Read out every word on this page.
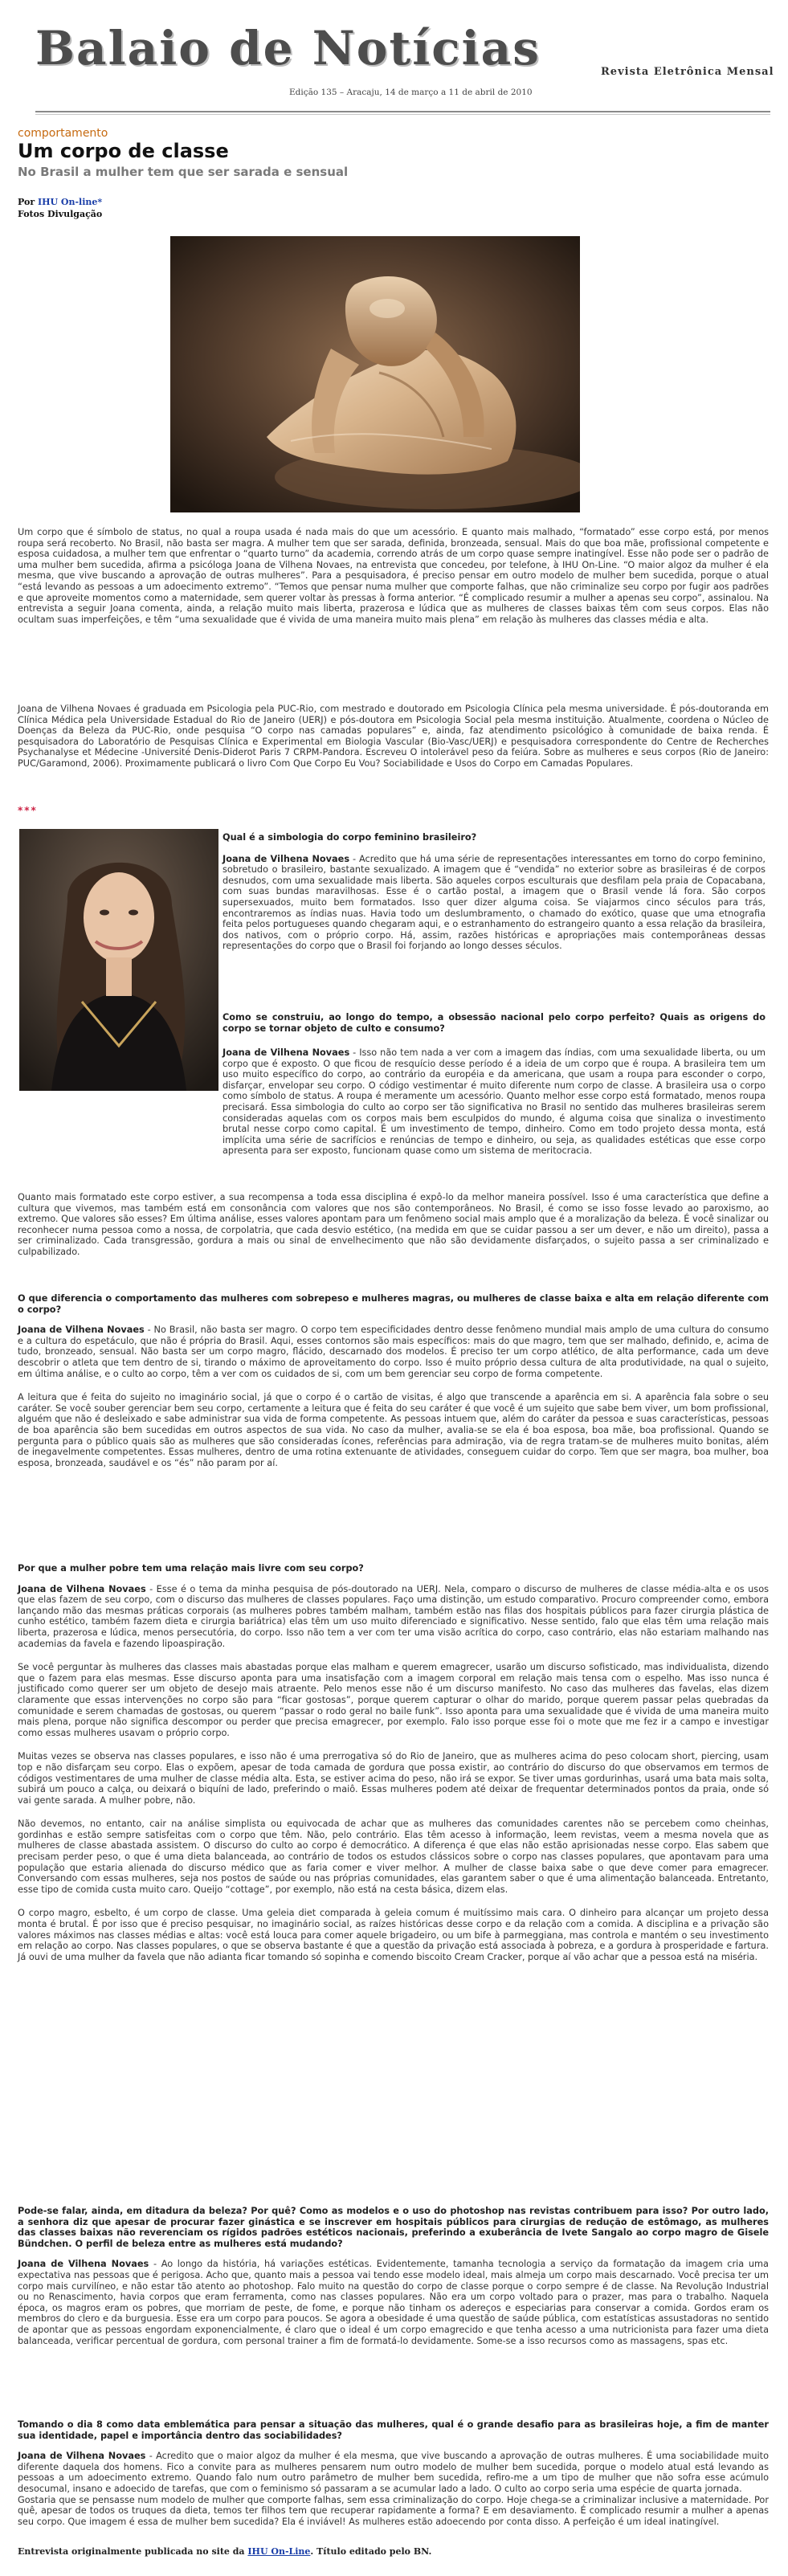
Balaio de Notícias	Revista Eletrônica Mensal
Edição 135 – Aracaju, 14 de março a 11 de abril de 2010
comportamento
Um corpo de classe
No Brasil a mulher tem que ser sarada e sensual
Por IHU On-line*
Fotos Divulgação
Um corpo que é símbolo de status, no qual a roupa usada é nada mais do que um acessório. E quanto mais malhado, “formatado” esse corpo está, por menos roupa será recoberto. No Brasil, não basta ser magra. A mulher tem que ser sarada, definida, bronzeada, sensual. Mais do que boa mãe, profissional competente e esposa cuidadosa, a mulher tem que enfrentar o “quarto turno” da academia, correndo atrás de um corpo quase sempre inatingível. Esse não pode ser o padrão de uma mulher bem sucedida, afirma a psicóloga Joana de Vilhena Novaes, na entrevista que concedeu, por telefone, à IHU On-Line. “O maior algoz da mulher é ela mesma, que vive buscando a aprovação de outras mulheres”. Para a pesquisadora, é preciso pensar em outro modelo de mulher bem sucedida, porque o atual “está levando as pessoas a um adoecimento extremo”. “Temos que pensar numa mulher que comporte falhas, que não criminalize seu corpo por fugir aos padrões e que aproveite momentos como a maternidade, sem querer voltar às pressas à forma anterior. “É complicado resumir a mulher a apenas seu corpo”, assinalou. Na entrevista a seguir Joana comenta, ainda, a relação muito mais liberta, prazerosa e lúdica que as mulheres de classes baixas têm com seus corpos. Elas não ocultam suas imperfeições, e têm “uma sexualidade que é vivida de uma maneira muito mais plena” em relação às mulheres das classes média e alta.
Joana de Vilhena Novaes é graduada em Psicologia pela PUC-Rio, com mestrado e doutorado em Psicologia Clínica pela mesma universidade. É pós-doutoranda em Clínica Médica pela Universidade Estadual do Rio de Janeiro (UERJ) e pós-doutora em Psicologia Social pela mesma instituição. Atualmente, coordena o Núcleo de Doenças da Beleza da PUC-Rio, onde pesquisa “O corpo nas camadas populares” e, ainda, faz atendimento psicológico à comunidade de baixa renda. É pesquisadora do Laboratório de Pesquisas Clínica e Experimental em Biologia Vascular (Bio-Vasc/UERJ) e pesquisadora correspondente do Centre de Recherches Psychanalyse et Médecine -Université Denis-Diderot Paris 7 CRPM-Pandora. Escreveu O intolerável peso da feiúra. Sobre as mulheres e seus corpos (Rio de Janeiro: PUC/Garamond, 2006). Proximamente publicará o livro Com Que Corpo Eu Vou? Sociabilidade e Usos do Corpo em Camadas Populares.
***

Qual é a simbologia do corpo feminino brasileiro?

Joana de Vilhena Novaes - Acredito que há uma série de representações interessantes em torno do corpo feminino, sobretudo o brasileiro, bastante sexualizado. A imagem que é “vendida” no exterior sobre as brasileiras é de corpos desnudos, com uma sexualidade mais liberta. São aqueles corpos esculturais que desfilam pela praia de Copacabana, com suas bundas maravilhosas. Esse é o cartão postal, a imagem que o Brasil vende lá fora. São corpos supersexuados, muito bem formatados. Isso quer dizer alguma coisa. Se viajarmos cinco séculos para trás, encontraremos as índias nuas. Havia todo um deslumbramento, o chamado do exótico, quase que uma etnografia feita pelos portugueses quando chegaram aqui, e o estranhamento do estrangeiro quanto a essa relação da brasileira, dos nativos, com o próprio corpo. Há, assim, razões históricas e apropriações mais contemporâneas dessas representações do corpo que o Brasil foi forjando ao longo desses séculos.

Como se construiu, ao longo do tempo, a obsessão nacional pelo corpo perfeito? Quais as origens do corpo se tornar objeto de culto e consumo?

Joana de Vilhena Novaes - Isso não tem nada a ver com a imagem das índias, com uma sexualidade liberta, ou um corpo que é exposto. O que ficou de resquício desse período é a ideia de um corpo que é roupa. A brasileira tem um uso muito específico do corpo, ao contrário da européia e da americana, que usam a roupa para esconder o corpo, disfarçar, envelopar seu corpo. O código vestimentar é muito diferente num corpo de classe. A brasileira usa o corpo como símbolo de status. A roupa é meramente um acessório. Quanto melhor esse corpo está formatado, menos roupa precisará. Essa simbologia do culto ao corpo ser tão significativa no Brasil no sentido das mulheres brasileiras serem consideradas aquelas com os corpos mais bem esculpidos do mundo, é alguma coisa que sinaliza o investimento brutal nesse corpo como capital. É um investimento de tempo, dinheiro. Como em todo projeto dessa monta, está implícita uma série de sacrifícios e renúncias de tempo e dinheiro, ou seja, as qualidades estéticas que esse corpo apresenta para ser exposto, funcionam quase como um sistema de meritocracia.

Quanto mais formatado este corpo estiver, a sua recompensa a toda essa disciplina é expô-lo da melhor maneira possível. Isso é uma característica que define a cultura que vivemos, mas também está em consonância com valores que nos são contemporâneos. No Brasil, é como se isso fosse levado ao paroxismo, ao extremo. Que valores são esses? Em última análise, esses valores apontam para um fenômeno social mais amplo que é a moralização da beleza. É você sinalizar ou reconhecer numa pessoa como a nossa, de corpolatria, que cada desvio estético, (na medida em que se cuidar passou a ser um dever, e não um direito), passa a ser criminalizado. Cada transgressão, gordura a mais ou sinal de envelhecimento que não são devidamente disfarçados, o sujeito passa a ser criminalizado e culpabilizado.

O que diferencia o comportamento das mulheres com sobrepeso e mulheres magras, ou mulheres de classe baixa e alta em relação diferente com o corpo?

Joana de Vilhena Novaes - No Brasil, não basta ser magro. O corpo tem especificidades dentro desse fenômeno mundial mais amplo de uma cultura do consumo e a cultura do espetáculo, que não é própria do Brasil. Aqui, esses contornos são mais específicos: mais do que magro, tem que ser malhado, definido, e, acima de tudo, bronzeado, sensual. Não basta ser um corpo magro, flácido, descarnado dos modelos. É preciso ter um corpo atlético, de alta performance, cada um deve descobrir o atleta que tem dentro de si, tirando o máximo de aproveitamento do corpo. Isso é muito próprio dessa cultura de alta produtividade, na qual o sujeito, em última análise, e o culto ao corpo, têm a ver com os cuidados de si, com um bem gerenciar seu corpo de forma competente.

A leitura que é feita do sujeito no imaginário social, já que o corpo é o cartão de visitas, é algo que transcende a aparência em si. A aparência fala sobre o seu caráter. Se você souber gerenciar bem seu corpo, certamente a leitura que é feita do seu caráter é que você é um sujeito que sabe bem viver, um bom profissional, alguém que não é desleixado e sabe administrar sua vida de forma competente. As pessoas intuem que, além do caráter da pessoa e suas características, pessoas de boa aparência são bem sucedidas em outros aspectos de sua vida. No caso da mulher, avalia-se se ela é boa esposa, boa mãe, boa profissional. Quando se pergunta para o público quais são as mulheres que são consideradas ícones, referências para admiração, via de regra tratam-se de mulheres muito bonitas, além de inegavelmente competentes. Essas mulheres, dentro de uma rotina extenuante de atividades, conseguem cuidar do corpo. Tem que ser magra, boa mulher, boa esposa, bronzeada, saudável e os “és” não param por aí.

Por que a mulher pobre tem uma relação mais livre com seu corpo?

Joana de Vilhena Novaes - Esse é o tema da minha pesquisa de pós-doutorado na UERJ. Nela, comparo o discurso de mulheres de classe média-alta e os usos que elas fazem de seu corpo, com o discurso das mulheres de classes populares. Faço uma distinção, um estudo comparativo. Procuro compreender como, embora lançando mão das mesmas práticas corporais (as mulheres pobres também malham, também estão nas filas dos hospitais públicos para fazer cirurgia plástica de cunho estético, também fazem dieta e cirurgia bariátrica) elas têm um uso muito diferenciado e significativo. Nesse sentido, falo que elas têm uma relação mais liberta, prazerosa e lúdica, menos persecutória, do corpo. Isso não tem a ver com ter uma visão acrítica do corpo, caso contrário, elas não estariam malhando nas academias da favela e fazendo lipoaspiração.

Se você perguntar às mulheres das classes mais abastadas porque elas malham e querem emagrecer, usarão um discurso sofisticado, mas individualista, dizendo que o fazem para elas mesmas. Esse discurso aponta para uma insatisfação com a imagem corporal em relação mais tensa com o espelho. Mas isso nunca é justificado como querer ser um objeto de desejo mais atraente. Pelo menos esse não é um discurso manifesto. No caso das mulheres das favelas, elas dizem claramente que essas intervenções no corpo são para “ficar gostosas”, porque querem capturar o olhar do marido, porque querem passar pelas quebradas da comunidade e serem chamadas de gostosas, ou querem “passar o rodo geral no baile funk”. Isso aponta para uma sexualidade que é vivida de uma maneira muito mais plena, porque não significa descompor ou perder que precisa emagrecer, por exemplo. Falo isso porque esse foi o mote que me fez ir a campo e investigar como essas mulheres usavam o próprio corpo.

Muitas vezes se observa nas classes populares, e isso não é uma prerrogativa só do Rio de Janeiro, que as mulheres acima do peso colocam short, piercing, usam top e não disfarçam seu corpo. Elas o expõem, apesar de toda camada de gordura que possa existir, ao contrário do discurso do que observamos em termos de códigos vestimentares de uma mulher de classe média alta. Esta, se estiver acima do peso, não irá se expor. Se tiver umas gordurinhas, usará uma bata mais solta, subirá um pouco a calça, ou deixará o biquíni de lado, preferindo o maiô. Essas mulheres podem até deixar de frequentar determinados pontos da praia, onde só vai gente sarada. A mulher pobre, não.

Não devemos, no entanto, cair na análise simplista ou equivocada de achar que as mulheres das comunidades carentes não se percebem como cheinhas, gordinhas e estão sempre satisfeitas com o corpo que têm. Não, pelo contrário. Elas têm acesso à informação, leem revistas, veem a mesma novela que as mulheres de classe abastada assistem. O discurso do culto ao corpo é democrático. A diferença é que elas não estão aprisionadas nesse corpo. Elas sabem que precisam perder peso, o que é uma dieta balanceada, ao contrário de todos os estudos clássicos sobre o corpo nas classes populares, que apontavam para uma população que estaria alienada do discurso médico que as faria comer e viver melhor. A mulher de classe baixa sabe o que deve comer para emagrecer. Conversando com essas mulheres, seja nos postos de saúde ou nas próprias comunidades, elas garantem saber o que é uma alimentação balanceada. Entretanto, esse tipo de comida custa muito caro. Queijo “cottage”, por exemplo, não está na cesta básica, dizem elas.

O corpo magro, esbelto, é um corpo de classe. Uma geleia diet comparada à geleia comum é muitíssimo mais cara. O dinheiro para alcançar um projeto dessa monta é brutal. É por isso que é preciso pesquisar, no imaginário social, as raízes históricas desse corpo e da relação com a comida. A disciplina e a privação são valores máximos nas classes médias e altas: você está louca para comer aquele brigadeiro, ou um bife à parmeggiana, mas controla e mantém o seu investimento em relação ao corpo. Nas classes populares, o que se observa bastante é que a questão da privação está associada à pobreza, e a gordura à prosperidade e fartura. Já ouvi de uma mulher da favela que não adianta ficar tomando só sopinha e comendo biscoito Cream Cracker, porque aí vão achar que a pessoa está na miséria.

Pode-se falar, ainda, em ditadura da beleza? Por quê? Como as modelos e o uso do photoshop nas revistas contribuem para isso? Por outro lado, a senhora diz que apesar de procurar fazer ginástica e se inscrever em hospitais públicos para cirurgias de redução de estômago, as mulheres das classes baixas não reverenciam os rígidos padrões estéticos nacionais, preferindo a exuberância de Ivete Sangalo ao corpo magro de Gisele Bündchen. O perfil de beleza entre as mulheres está mudando?

Joana de Vilhena Novaes - Ao longo da história, há variações estéticas. Evidentemente, tamanha tecnologia a serviço da formatação da imagem cria uma expectativa nas pessoas que é perigosa. Acho que, quanto mais a pessoa vai tendo esse modelo ideal, mais almeja um corpo mais descarnado. Você precisa ter um corpo mais curvilíneo, e não estar tão atento ao photoshop. Falo muito na questão do corpo de classe porque o corpo sempre é de classe. Na Revolução Industrial ou no Renascimento, havia corpos que eram ferramenta, como nas classes populares. Não era um corpo voltado para o prazer, mas para o trabalho. Naquela época, os magros eram os pobres, que morriam de peste, de fome, e porque não tinham os adereços e especiarias para conservar a comida. Gordos eram os membros do clero e da burguesia. Esse era um corpo para poucos. Se agora a obesidade é uma questão de saúde pública, com estatísticas assustadoras no sentido de apontar que as pessoas engordam exponencialmente, é claro que o ideal é um corpo emagrecido e que tenha acesso a uma nutricionista para fazer uma dieta balanceada, verificar percentual de gordura, com personal trainer a fim de formatá-lo devidamente. Some-se a isso recursos como as massagens, spas etc.

Tomando o dia 8 como data emblemática para pensar a situação das mulheres, qual é o grande desafio para as brasileiras hoje, a fim de manter sua identidade, papel e importância dentro das sociabilidades?

Joana de Vilhena Novaes - Acredito que o maior algoz da mulher é ela mesma, que vive buscando a aprovação de outras mulheres. É uma sociabilidade muito diferente daquela dos homens. Fico a convite para as mulheres pensarem num outro modelo de mulher bem sucedida, porque o modelo atual está levando as pessoas a um adoecimento extremo. Quando falo num outro parâmetro de mulher bem sucedida, refiro-me a um tipo de mulher que não sofra esse acúmulo desocumal, insano e adoecido de tarefas, que com o feminismo só passaram a se acumular lado a lado. O culto ao corpo seria uma espécie de quarta jornada.

Gostaria que se pensasse num modelo de mulher que comporte falhas, sem essa criminalização do corpo. Hoje chega-se a criminalizar inclusive a maternidade. Por quê, apesar de todos os truques da dieta, temos ter filhos tem que recuperar rapidamente a forma? E em desaviamento. É complicado resumir a mulher a apenas seu corpo. Que imagem é essa de mulher bem sucedida? Ela é inviável! As mulheres estão adoecendo por conta disso. A perfeição é um ideal inatingível.

Entrevista originalmente publicada no site da IHU On-Line. Título editado pelo BN.
